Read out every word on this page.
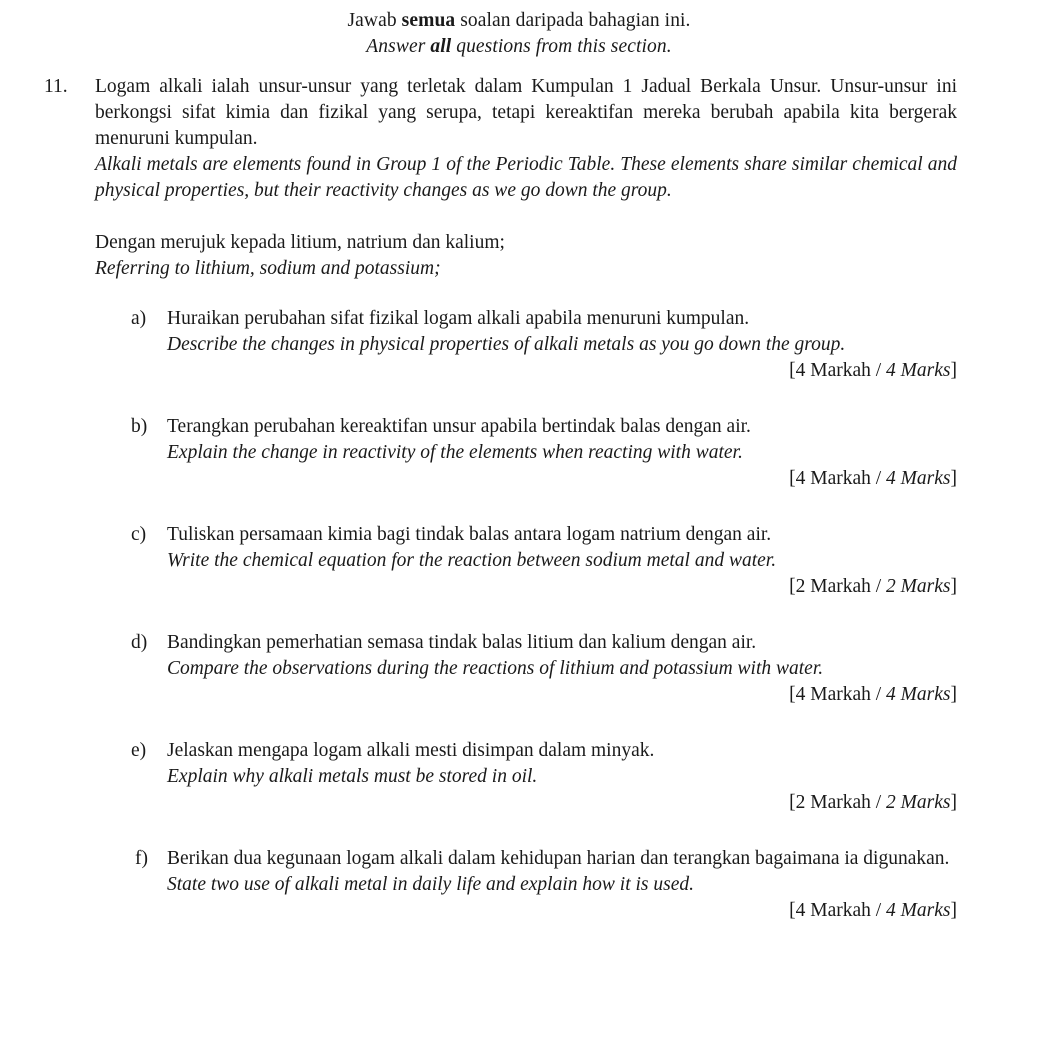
Jawab semua soalan daripada bahagian ini.
Answer all questions from this section.
11.	Logam alkali ialah unsur-unsur yang terletak dalam Kumpulan 1 Jadual Berkala Unsur. Unsur-unsur ini berkongsi sifat kimia dan fizikal yang serupa, tetapi kereaktifan mereka berubah apabila kita bergerak menuruni kumpulan.

Alkali metals are elements found in Group 1 of the Periodic Table. These elements share similar chemical and physical properties, but their reactivity changes as we go down the group.

Dengan merujuk kepada litium, natrium dan kalium;

Referring to lithium, sodium and potassium;

a)	Huraikan perubahan sifat fizikal logam alkali apabila menuruni kumpulan.

Describe the changes in physical properties of alkali metals as you go down the group.

[4 Markah / 4 Marks]

b)	Terangkan perubahan kereaktifan unsur apabila bertindak balas dengan air.

Explain the change in reactivity of the elements when reacting with water.

[4 Markah / 4 Marks]

c)	Tuliskan persamaan kimia bagi tindak balas antara logam natrium dengan air.

Write the chemical equation for the reaction between sodium metal and water.

[2 Markah / 2 Marks]

d)	Bandingkan pemerhatian semasa tindak balas litium dan kalium dengan air.

Compare the observations during the reactions of lithium and potassium with water.

[4 Markah / 4 Marks]

e)	Jelaskan mengapa logam alkali mesti disimpan dalam minyak.

Explain why alkali metals must be stored in oil.

[2 Markah / 2 Marks]

f) Berikan dua kegunaan logam alkali dalam kehidupan harian dan terangkan bagaimana ia digunakan.

State two use of alkali metal in daily life and explain how it is used.

[4 Markah / 4 Marks]
